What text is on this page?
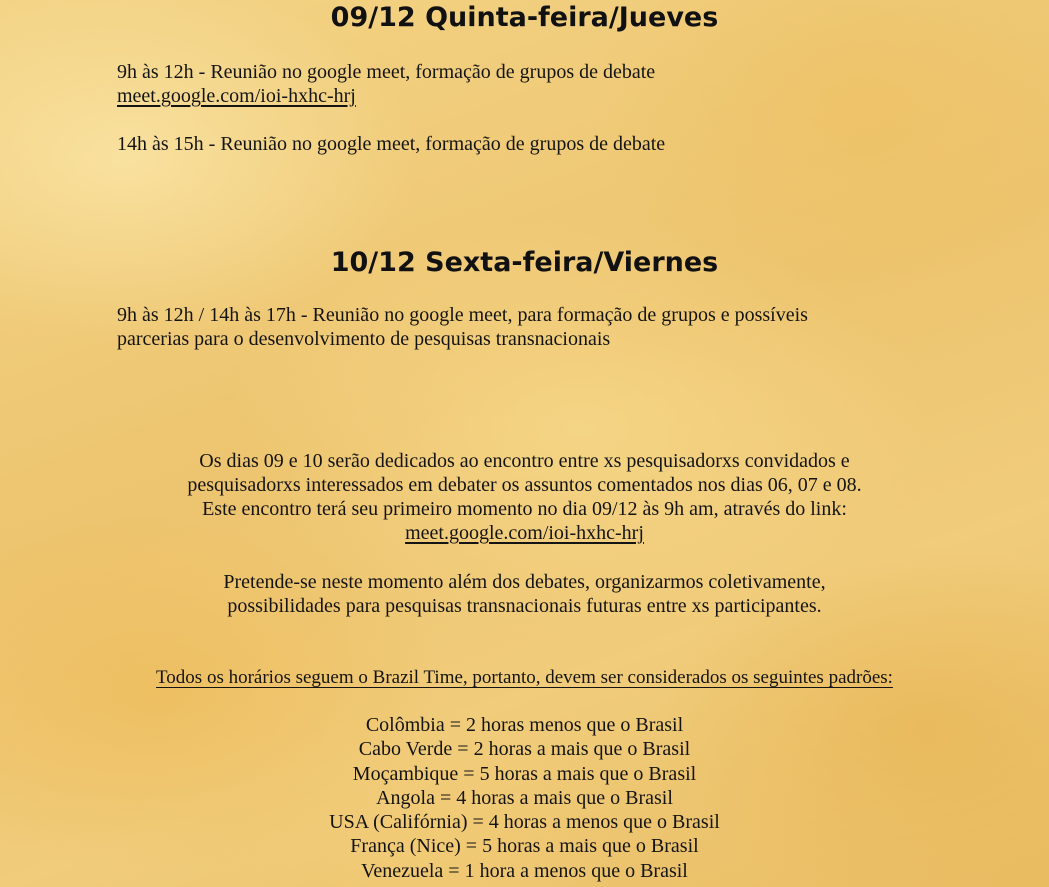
09/12 Quinta-feira/Jueves

9h às 12h - Reunião no google meet, formação de grupos de debate
meet.google.com/ioi-hxhc-hrj

14h às 15h - Reunião no google meet, formação de grupos de debate

10/12 Sexta-feira/Viernes

9h às 12h / 14h às 17h - Reunião no google meet, para formação de grupos e possíveis
parcerias para o desenvolvimento de pesquisas transnacionais

Os dias 09 e 10 serão dedicados ao encontro entre xs pesquisadorxs convidados e
pesquisadorxs interessados em debater os assuntos comentados nos dias 06, 07 e 08.
Este encontro terá seu primeiro momento no dia 09/12 às 9h am, através do link:
meet.google.com/ioi-hxhc-hrj

Pretende-se neste momento além dos debates, organizarmos coletivamente,
possibilidades para pesquisas transnacionais futuras entre xs participantes.

Todos os horários seguem o Brazil Time, portanto, devem ser considerados os seguintes padrões:

Colômbia = 2 horas menos que o Brasil
Cabo Verde = 2 horas a mais que o Brasil
Moçambique = 5 horas a mais que o Brasil
Angola = 4 horas a mais que o Brasil
USA (Califórnia) = 4 horas a menos que o Brasil
França (Nice) = 5 horas a mais que o Brasil
Venezuela = 1 hora a menos que o Brasil
